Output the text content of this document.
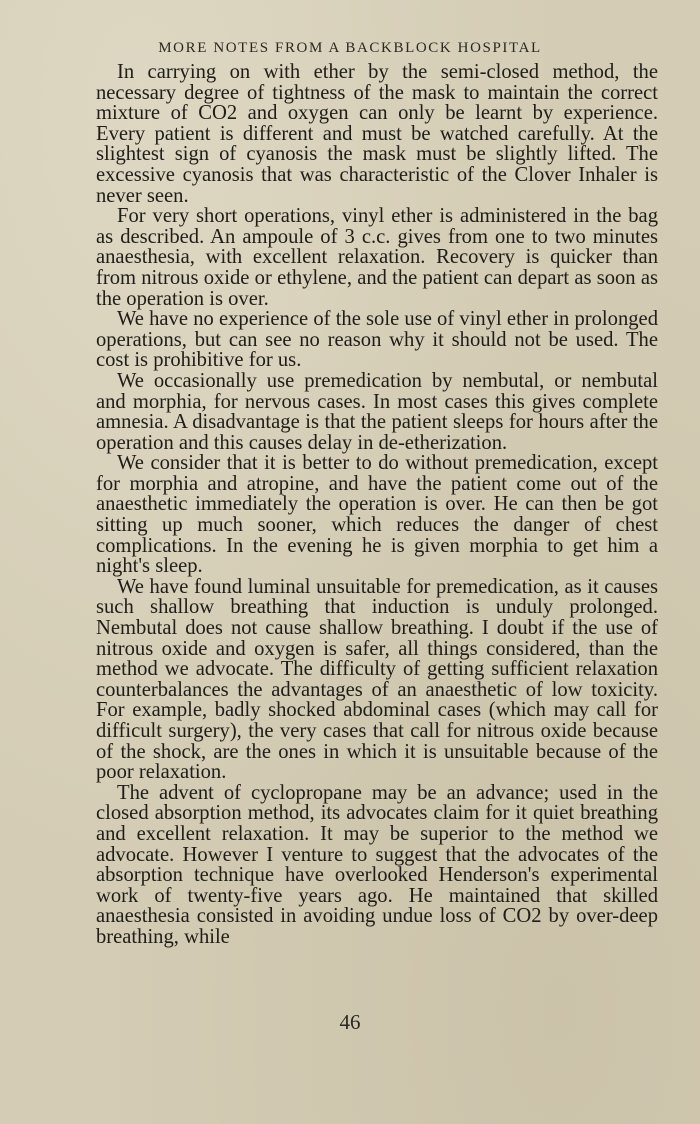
MORE NOTES FROM A BACKBLOCK HOSPITAL

In carrying on with ether by the semi-closed method, the necessary degree of tightness of the mask to maintain the correct mixture of CO2 and oxygen can only be learnt by experience. Every patient is different and must be watched carefully. At the slightest sign of cyanosis the mask must be slightly lifted. The excessive cyanosis that was characteristic of the Clover Inhaler is never seen.

For very short operations, vinyl ether is administered in the bag as described. An ampoule of 3 c.c. gives from one to two minutes anaesthesia, with excellent relaxation. Recovery is quicker than from nitrous oxide or ethylene, and the patient can depart as soon as the operation is over.

We have no experience of the sole use of vinyl ether in prolonged operations, but can see no reason why it should not be used. The cost is prohibitive for us.

We occasionally use premedication by nembutal, or nembutal and morphia, for nervous cases. In most cases this gives complete amnesia. A disadvantage is that the patient sleeps for hours after the operation and this causes delay in de-etherization.

We consider that it is better to do without premedication, except for morphia and atropine, and have the patient come out of the anaesthetic immediately the operation is over. He can then be got sitting up much sooner, which reduces the danger of chest complications. In the evening he is given morphia to get him a night's sleep.

We have found luminal unsuitable for premedication, as it causes such shallow breathing that induction is unduly prolonged. Nembutal does not cause shallow breathing. I doubt if the use of nitrous oxide and oxygen is safer, all things considered, than the method we advocate. The difficulty of getting sufficient relaxation counterbalances the advantages of an anaesthetic of low toxicity. For example, badly shocked abdominal cases (which may call for difficult surgery), the very cases that call for nitrous oxide because of the shock, are the ones in which it is unsuitable because of the poor relaxation.

The advent of cyclopropane may be an advance; used in the closed absorption method, its advocates claim for it quiet breathing and excellent relaxation. It may be superior to the method we advocate. However I venture to suggest that the advocates of the absorption technique have overlooked Henderson's experimental work of twenty-five years ago. He maintained that skilled anaesthesia consisted in avoiding undue loss of CO2 by over-deep breathing, while

46
